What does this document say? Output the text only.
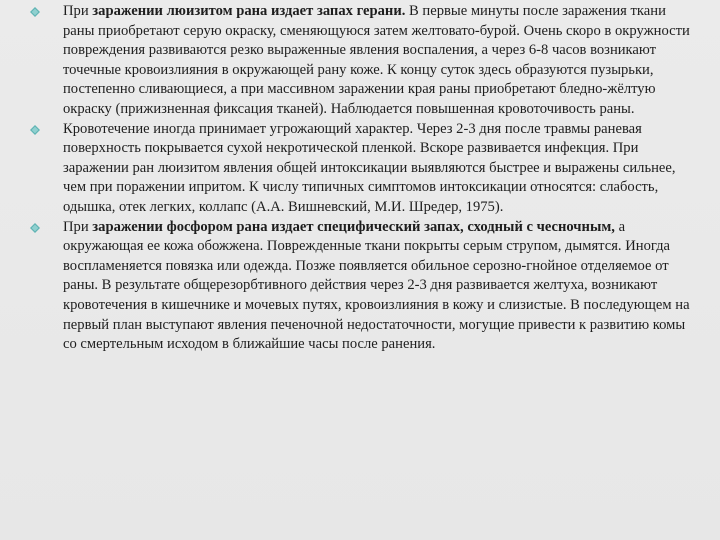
При заражении люизитом рана издает запах герани. В первые минуты после заражения ткани раны приобретают серую окраску, сменяющуюся затем желтовато-бурой. Очень скоро в окружности повреждения развиваются резко выраженные явления воспаления, а через 6-8 часов возникают точечные кровоизлияния в окружающей рану коже. К концу суток здесь образуются пузырьки, постепенно сливающиеся, а при массивном заражении края раны приобретают бледно-жёлтую окраску (прижизненная фиксация тканей). Наблюдается повышенная кровоточивость раны.
Кровотечение иногда принимает угрожающий характер. Через 2-3 дня после травмы раневая поверхность покрывается сухой некротической пленкой. Вскоре развивается инфекция. При заражении ран люизитом явления общей интоксикации выявляются быстрее и выражены сильнее, чем при поражении ипритом. К числу типичных симптомов интоксикации относятся: слабость, одышка, отек легких, коллапс (А.А. Вишневский, М.И. Шредер, 1975).
При заражении фосфором рана издает специфический запах, сходный с чесночным, а окружающая ее кожа обожжена. Поврежденные ткани покрыты серым струпом, дымятся. Иногда воспламеняется повязка или одежда. Позже появляется обильное серозно-гнойное отделяемое от раны. В результате общерезорбтивного действия через 2-3 дня развивается желтуха, возникают кровотечения в кишечнике и мочевых путях, кровоизлияния в кожу и слизистые. В последующем на первый план выступают явления печеночной недостаточности, могущие привести к развитию комы со смертельным исходом в ближайшие часы после ранения.
